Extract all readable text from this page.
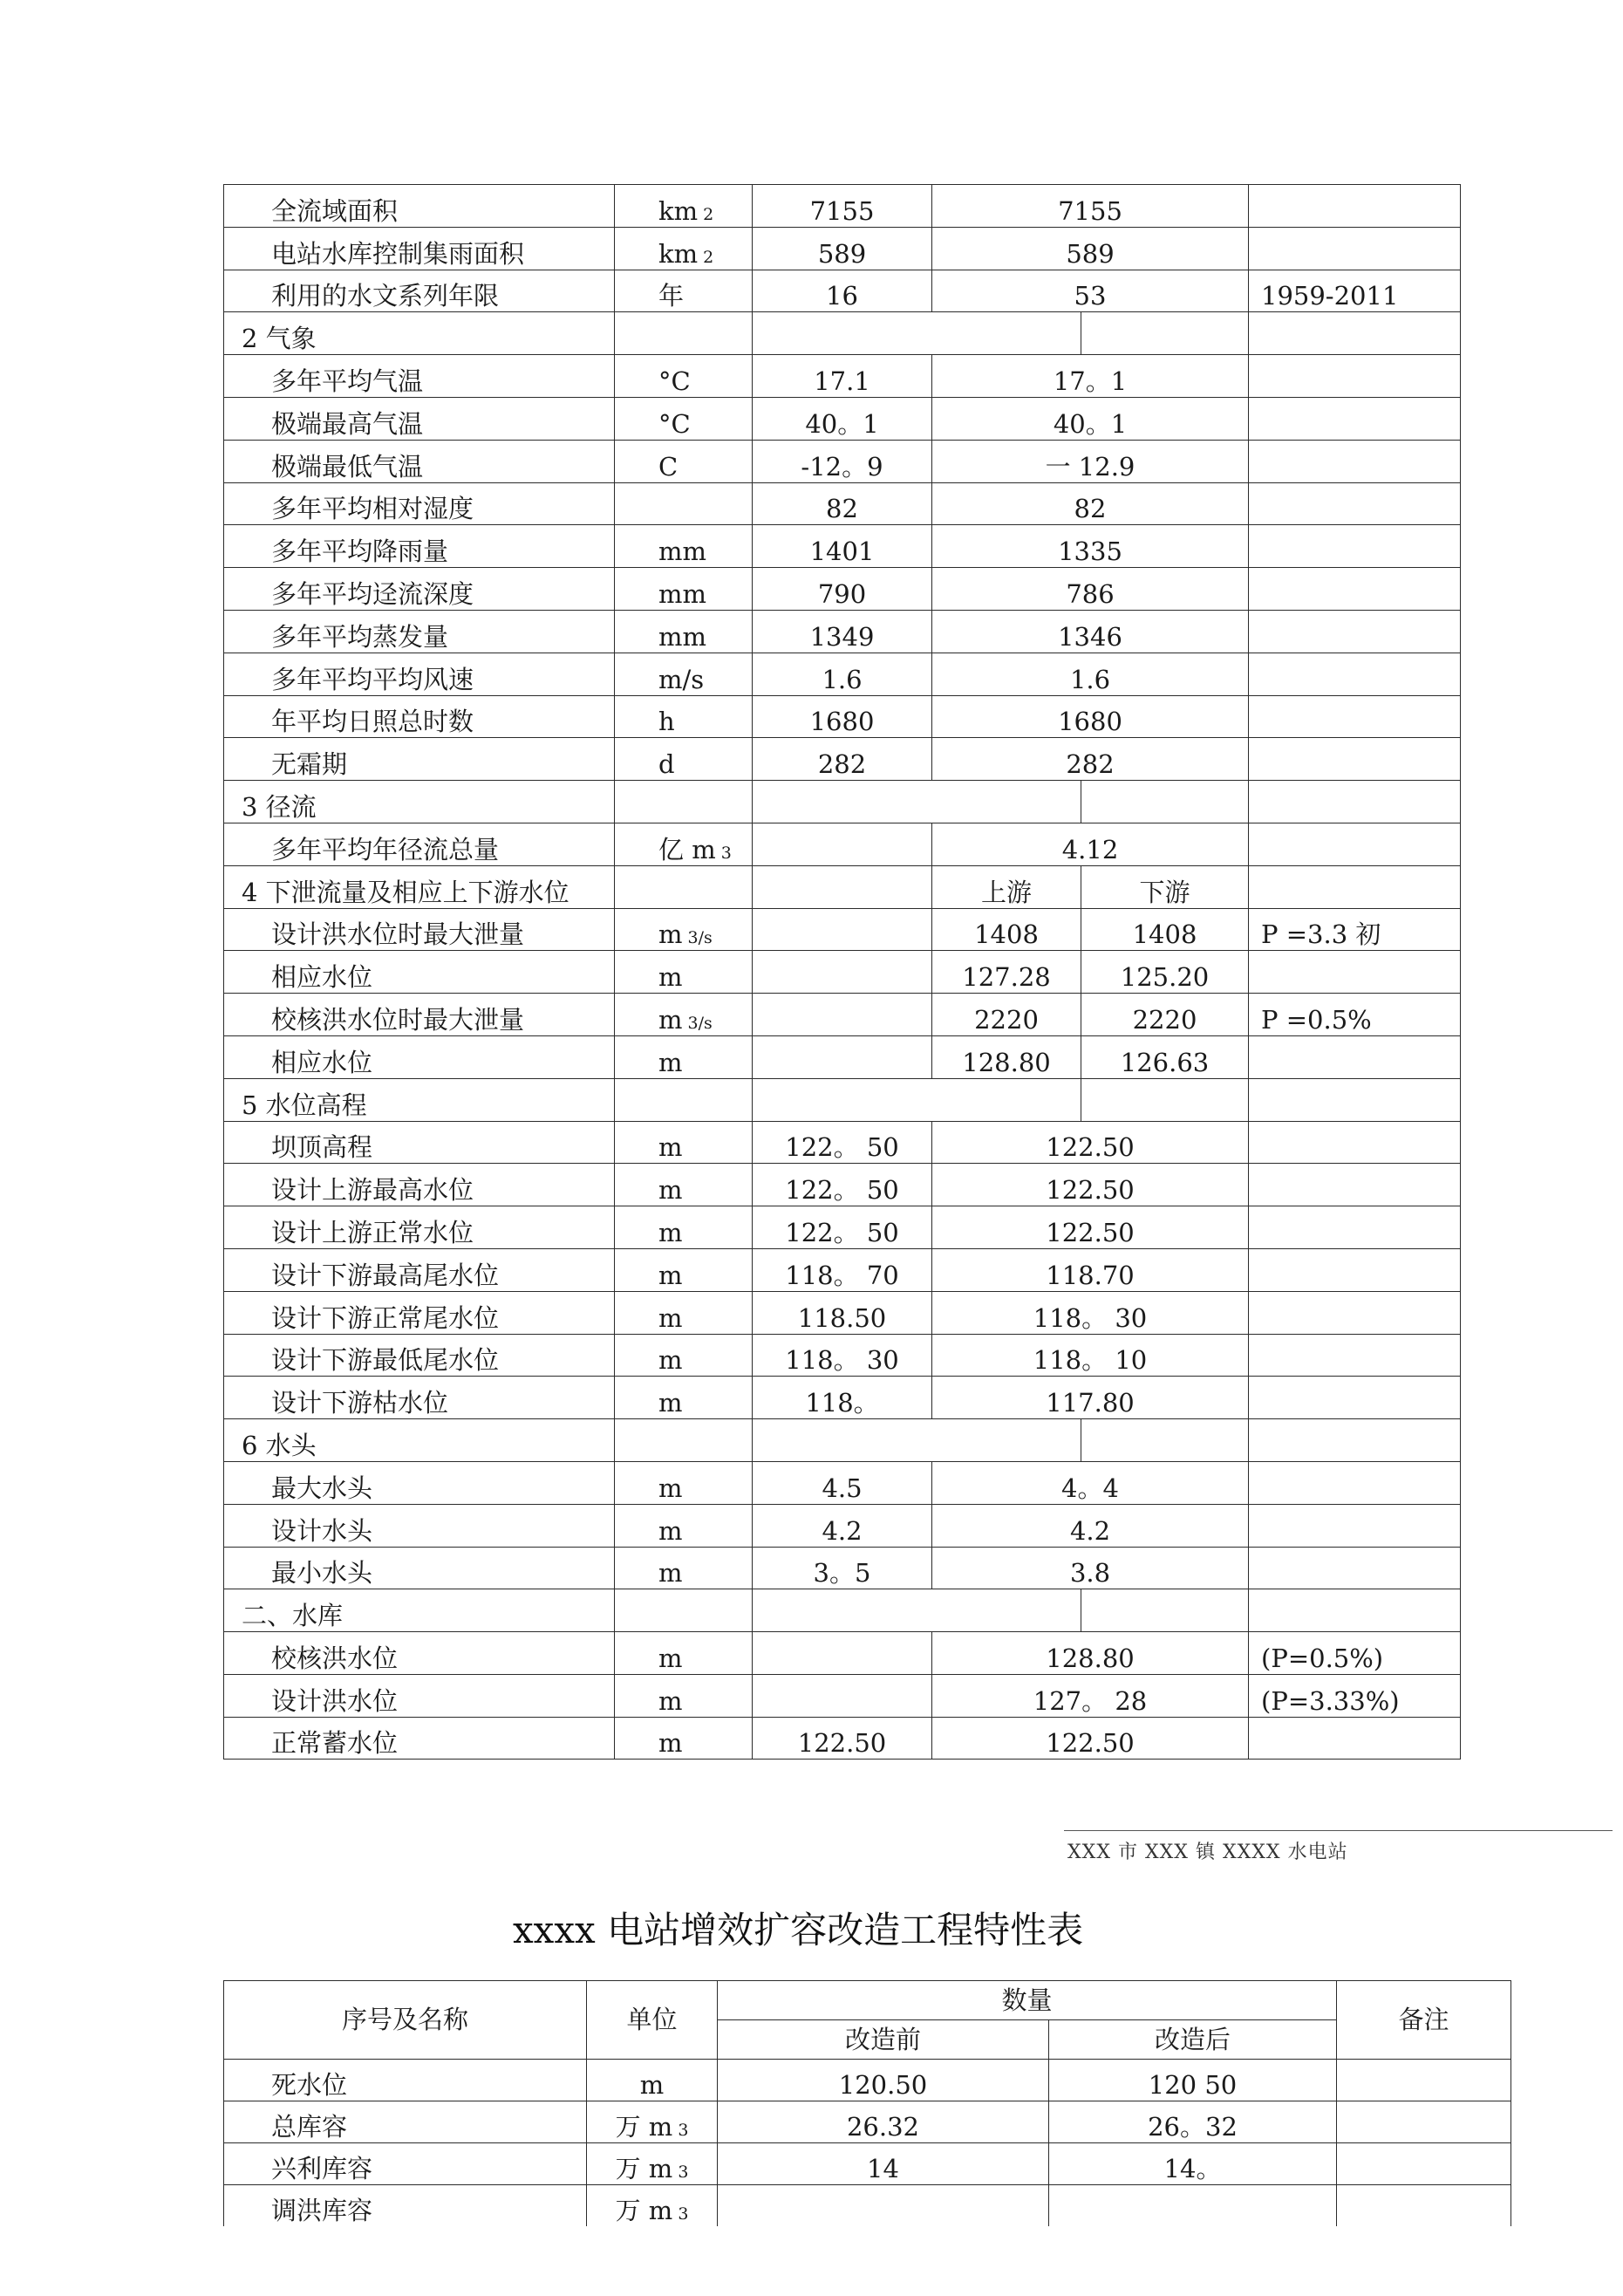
全流域面积	km 2	7155	7155		
电站水库控制集雨面积	km 2	589	589		
利用的水文系列年限	年	16	53		1959-2011
2 气象					
多年平均气温	°C	17.1	17。1		
极端最高气温	°C	40。1	40。1		
极端最低气温	C	-12。9	一 12.9		
多年平均相对湿度		82	82		
多年平均降雨量	mm	1401	1335		
多年平均迳流深度	mm	790	786		
多年平均蒸发量	mm	1349	1346		
多年平均平均风速	m/s	1.6	1.6		
年平均日照总时数	h	1680	1680		
无霜期	d	282	282		
3 径流					
多年平均年径流总量	亿 m 3		4.12		
4 下泄流量及相应上下游水位			上游	下游	
设计洪水位时最大泄量	m 3/s		1408	1408	P =3.3 初
相应水位	m		127.28	125.20	
校核洪水位时最大泄量	m 3/s		2220	2220	P =0.5%
相应水位	m		128.80	126.63	
5 水位高程					
坝顶高程	m	122。 50	122.50		
设计上游最高水位	m	122。 50	122.50		
设计上游正常水位	m	122。 50	122.50		
设计下游最高尾水位	m	118。 70	118.70		
设计下游正常尾水位	m	118.50	118。 30		
设计下游最低尾水位	m	118。 30	118。 10		
设计下游枯水位	m	118。	117.80		
6 水头					
最大水头	m	4.5	4。4		
设计水头	m	4.2	4.2		
最小水头	m	3。5	3.8		
二、水库					
校核洪水位	m		128.80		(P=0.5%)
设计洪水位	m		127。 28		(P=3.33%)
正常蓄水位	m	122.50	122.50		
XXX 市 XXX 镇 XXXX 水电站
xxxx 电站增效扩容改造工程特性表
序号及名称	单位	数量		备注
		改造前	改造后	
死水位	m	120.50	120 50	
总库容	万 m 3	26.32	26。32	
兴利库容	万 m 3	14	14。	
调洪库容	万 m 3			
